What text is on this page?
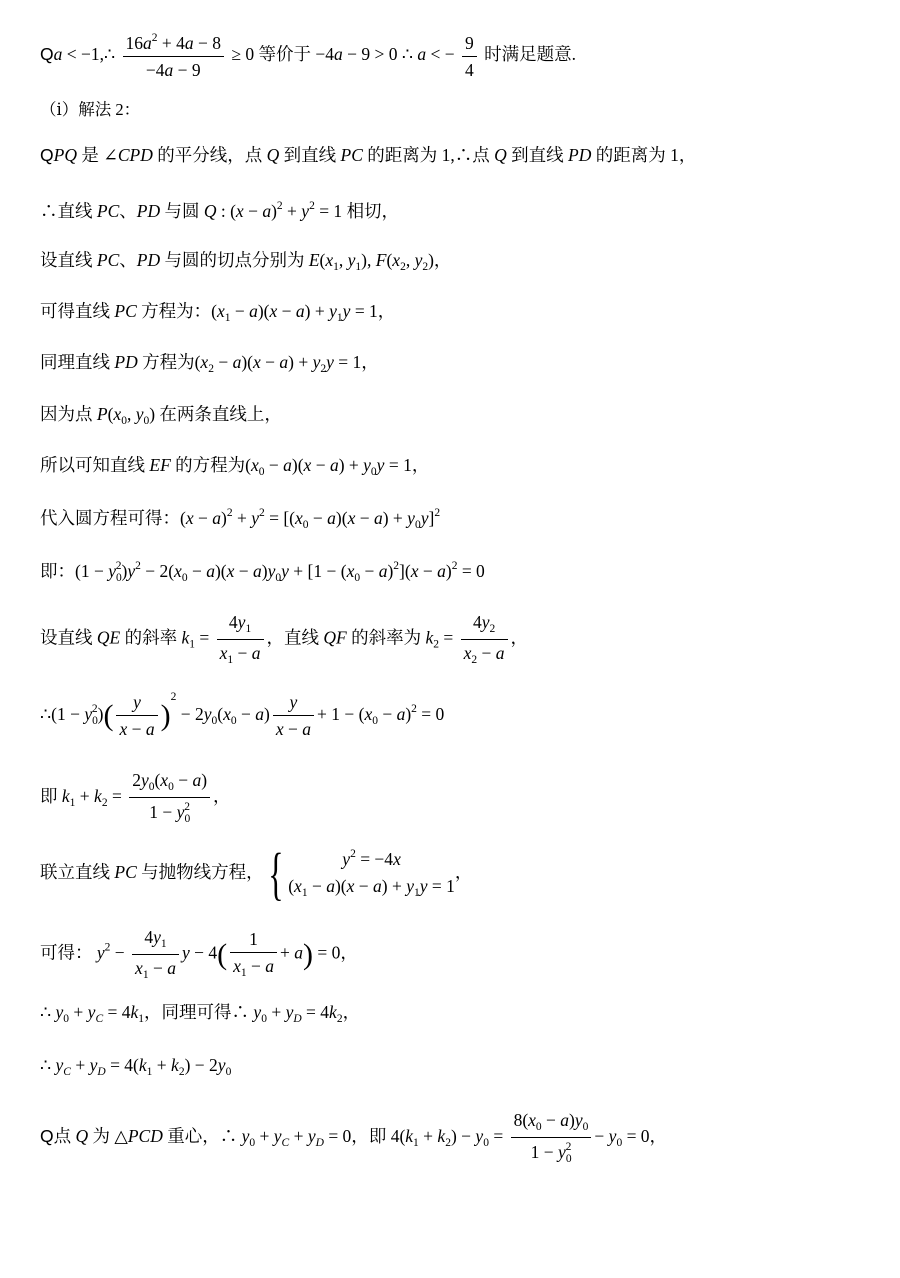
Qa < −1,∴ $\frac{16a^2 + 4a - 8}{-4a - 9} \ge 0$ 等价于 −4a − 9 > 0 ∴ a < − $\frac{9}{4}$ 时满足题意.
（ⅰ）解法 2：
QPQ 是 ∠CPD 的平分线，点 Q 到直线 PC 的距离为 1,∴点 Q 到直线 PD 的距离为 1，
∴直线 PC、PD 与圆 Q : $(x - a)^2 + y^2 = 1$ 相切，
设直线 PC、PD 与圆的切点分别为 $E(x_1$, $y_1$), $F(x_2$, $y_2$)，
可得直线 PC 方程为：$(x_1 - a)(x - a) + y_1y = 1$，
同理直线 PD 方程为$(x_2 - a)(x - a) + y_2y = 1$，
因为点 $P(x_0$, $y_0$) 在两条直线上，
所以可知直线 EF 的方程为$(x_0 - a)(x - a) + y_0y = 1$，
代入圆方程可得：$(x - a)^2 + y^2 = [(x_0 - a)(x - a) + y_0y]^2$
即：$(1 - y_0^2)y^2 - 2(x_0 - a)(x - a)y_0y + [1 - (x_0 - a)^2](x - a)^2 = 0$
设直线 QE 的斜率 $k_1 = \frac{4y_1}{x_1 - a}$ ，直线 QF 的斜率为 $k_2 = \frac{4y_2}{x_2 - a}$ ，
∴(1 − $y_0^2)( \frac{y}{x - a} )^2 - 2y_0(x_0 - a) \frac{y}{x - a} + 1 - (x_0 - a)^2 = 0$
即 $k_1 + k_2 = \frac{2y_0(x_0 - a)}{1 - y_0^2}$ ，
联立直线 PC 与抛物线方程， {	$y^2 = -4x$
$(x_1 - a)(x - a) + y_1y = 1$
，
可得： $y^2 - \frac{4y_1}{x_1 - a}$ $y - 4( \frac{1}{x_1 - a} + a) = 0$，
∴ $y_0 + y_C = 4k_1$，同理可得∴ $y_0 + y_D = 4k_2$，
∴ $y_C + y_D = 4(k_1 + k_2) - 2y_0$
Q点 Q 为 △PCD 重心，∴ $y_0 + y_C + y_D = 0$，即 $4(k_1 + k_2) - y_0 = \frac{8(x_0 - a)y_0}{1 - y_0^2} - y_0 = 0$，
